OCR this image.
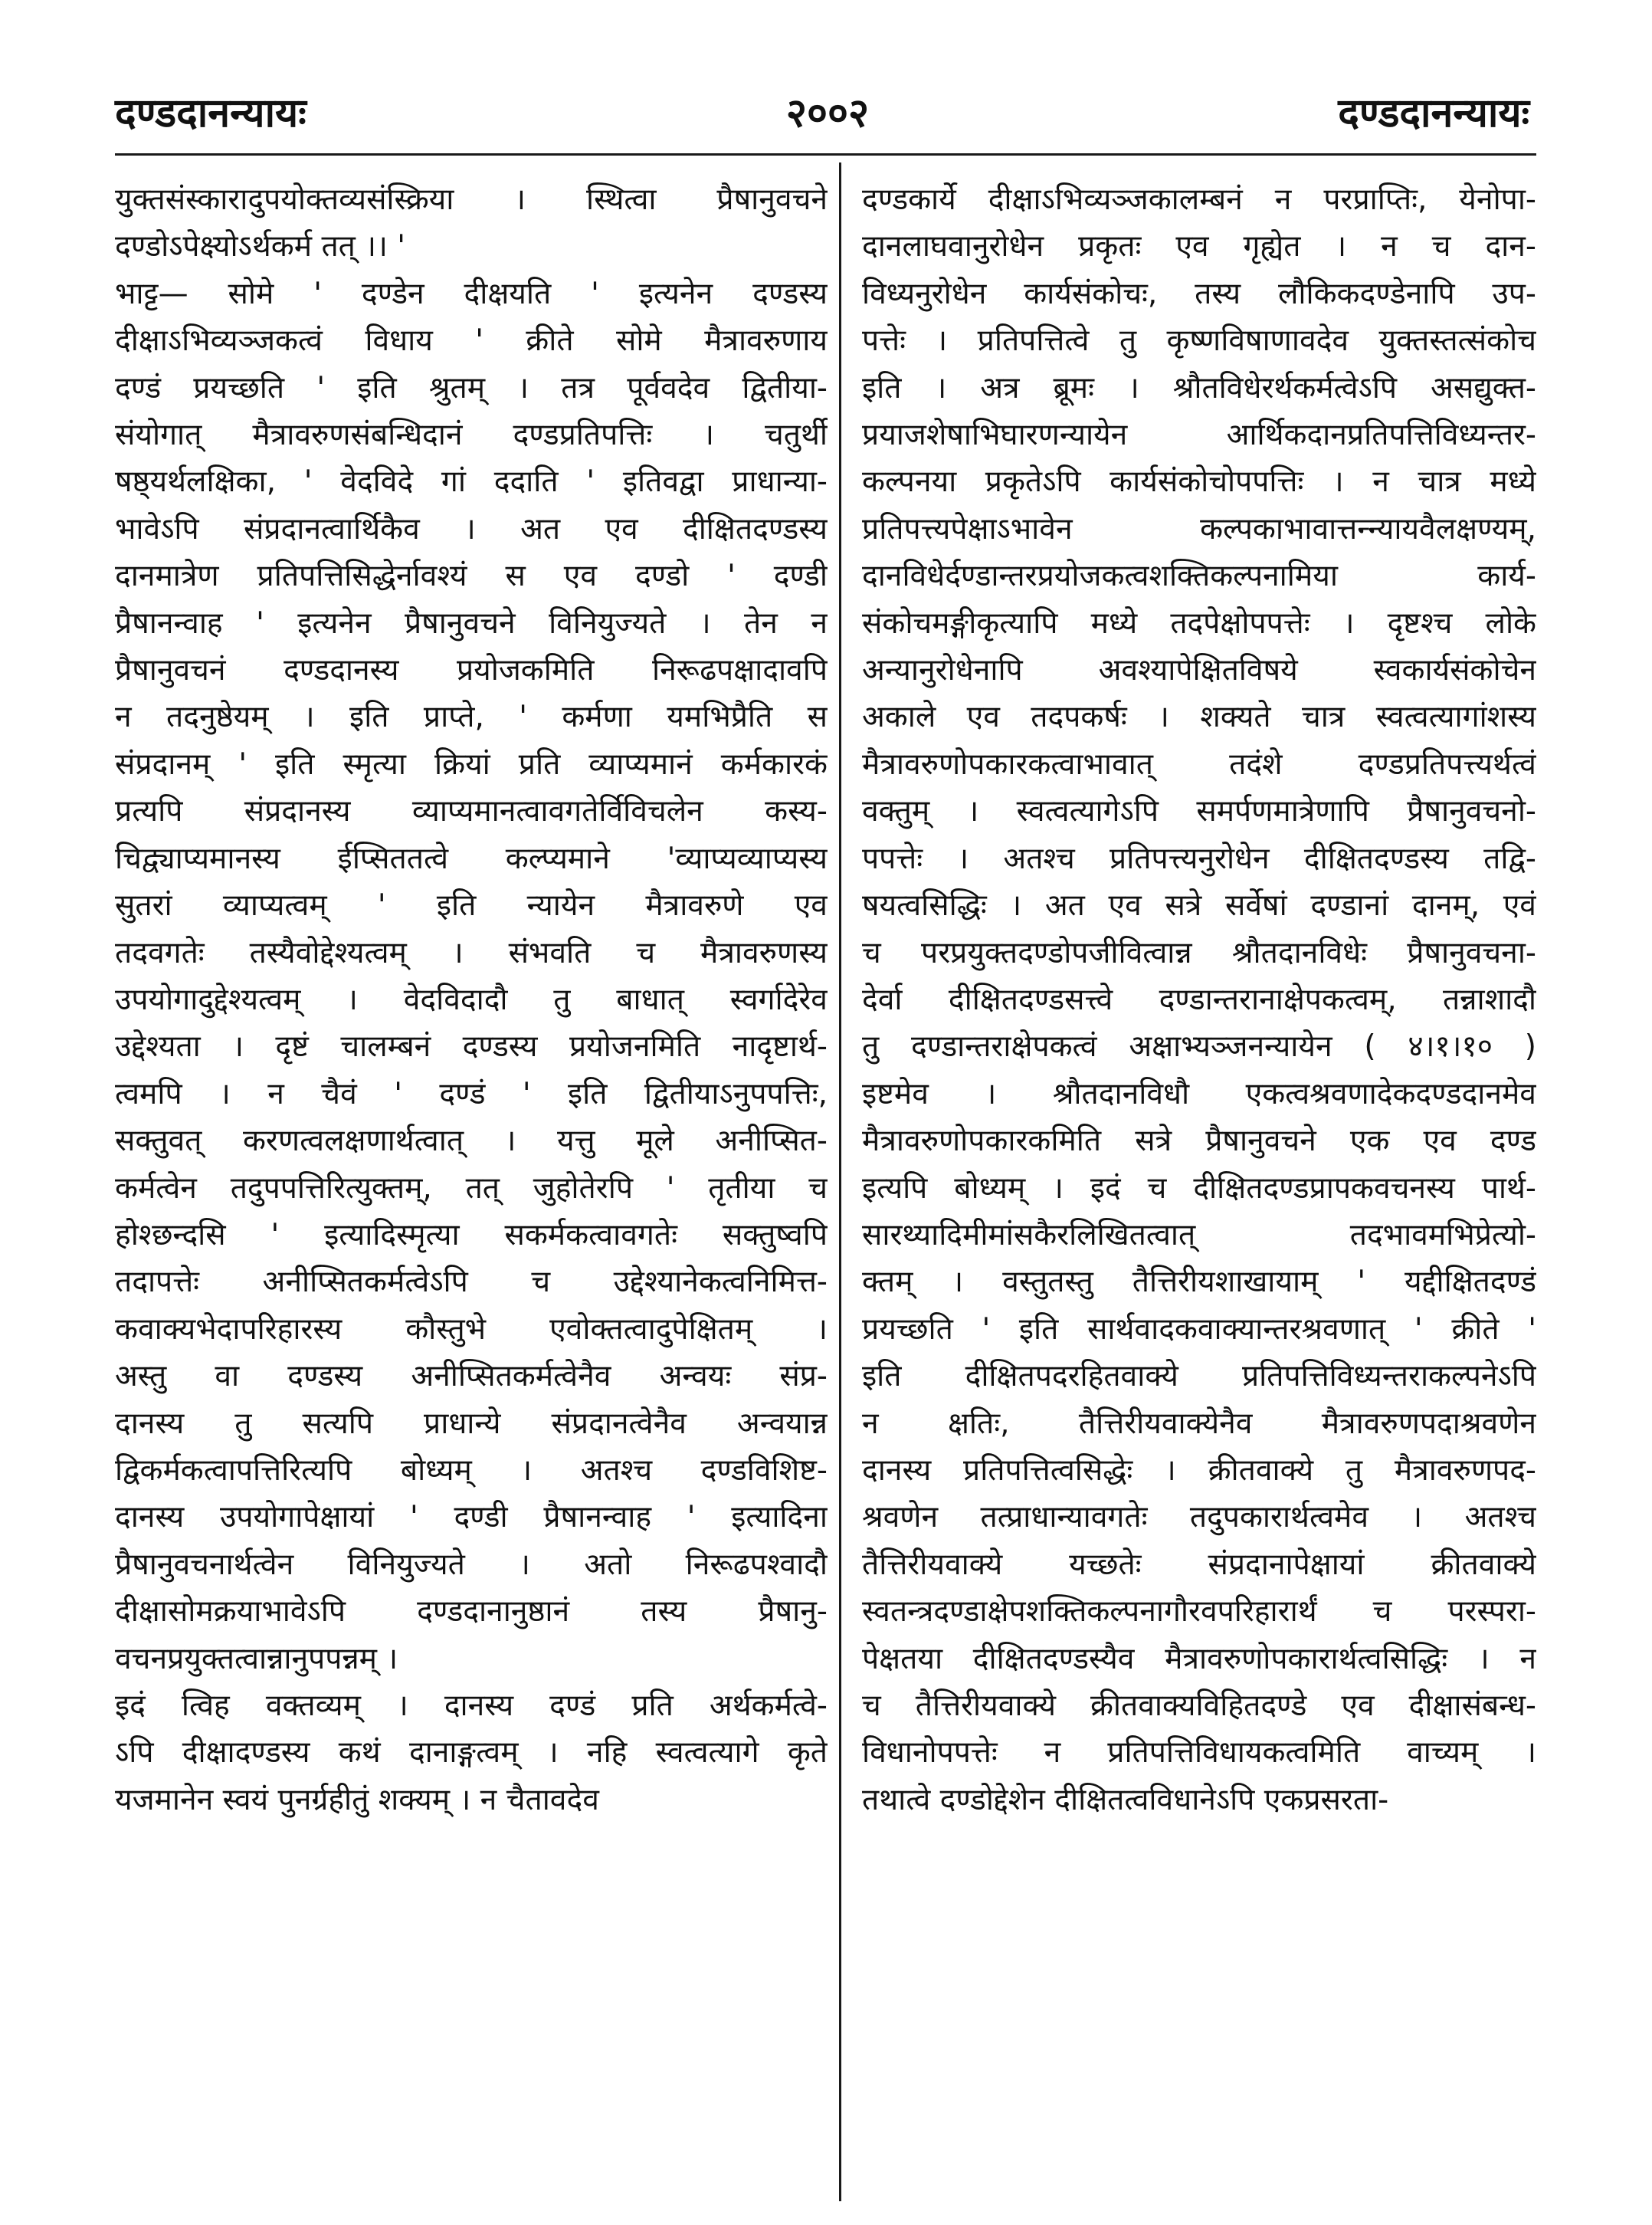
दण्डदानन्यायः	२००२	दण्डदानन्यायः
युक्तसंस्कारादुपयोक्तव्यसंस्क्रिया । स्थित्वा प्रैषानुवचने
दण्डोऽपेक्ष्योऽर्थकर्म तत् ।। '
भाट्ट— सोमे ' दण्डेन दीक्षयति ' इत्यनेन दण्डस्य
दीक्षाऽभिव्यञ्जकत्वं विधाय ' क्रीते सोमे मैत्रावरुणाय
दण्डं प्रयच्छति ' इति श्रुतम् । तत्र पूर्ववदेव द्वितीया-
संयोगात् मैत्रावरुणसंबन्धिदानं दण्डप्रतिपत्तिः । चतुर्थी
षष्ठ्यर्थलक्षिका, ' वेदविदे गां ददाति ' इतिवद्वा प्राधान्या-
भावेऽपि संप्रदानत्वार्थिकैव । अत एव दीक्षितदण्डस्य
दानमात्रेण प्रतिपत्तिसिद्धेर्नावश्यं स एव दण्डो ' दण्डी
प्रैषानन्वाह ' इत्यनेन प्रैषानुवचने विनियुज्यते । तेन न
प्रैषानुवचनं दण्डदानस्य प्रयोजकमिति निरूढपक्षादावपि
न तदनुष्ठेयम् । इति प्राप्ते, ' कर्मणा यमभिप्रैति स
संप्रदानम् ' इति स्मृत्या क्रियां प्रति व्याप्यमानं कर्मकारकं
प्रत्यपि संप्रदानस्य व्याप्यमानत्वावगतेर्विविचलेन कस्य-
चिद्व्याप्यमानस्य ईप्सिततत्वे कल्प्यमाने 'व्याप्यव्याप्यस्य
सुतरां व्याप्यत्वम् ' इति न्यायेन मैत्रावरुणे एव
तदवगतेः तस्यैवोद्देश्यत्वम् । संभवति च मैत्रावरुणस्य
उपयोगादुद्देश्यत्वम् । वेदविदादौ तु बाधात् स्वर्गादेरेव
उद्देश्यता । दृष्टं चालम्बनं दण्डस्य प्रयोजनमिति नादृष्टार्थ-
त्वमपि । न चैवं ' दण्डं ' इति द्वितीयाऽनुपपत्तिः,
सक्तुवत् करणत्वलक्षणार्थत्वात् । यत्तु मूले अनीप्सित-
कर्मत्वेन तदुपपत्तिरित्युक्तम्, तत् जुहोतेरपि ' तृतीया च
होश्छन्दसि ' इत्यादिस्मृत्या सकर्मकत्वावगतेः सक्तुष्वपि
तदापत्तेः अनीप्सितकर्मत्वेऽपि च उद्देश्यानेकत्वनिमित्त-
कवाक्यभेदापरिहारस्य कौस्तुभे एवोक्तत्वादुपेक्षितम् ।
अस्तु वा दण्डस्य अनीप्सितकर्मत्वेनैव अन्वयः संप्र-
दानस्य तु सत्यपि प्राधान्ये संप्रदानत्वेनैव अन्वयान्न
द्विकर्मकत्वापत्तिरित्यपि बोध्यम् । अतश्च दण्डविशिष्ट-
दानस्य उपयोगापेक्षायां ' दण्डी प्रैषानन्वाह ' इत्यादिना
प्रैषानुवचनार्थत्वेन विनियुज्यते । अतो निरूढपश्वादौ
दीक्षासोमक्रयाभावेऽपि दण्डदानानुष्ठानं तस्य प्रैषानु-
वचनप्रयुक्तत्वान्नानुपपन्नम् ।
इदं त्विह वक्तव्यम् । दानस्य दण्डं प्रति अर्थकर्मत्वे-
ऽपि दीक्षादण्डस्य कथं दानाङ्गत्वम् । नहि स्वत्वत्यागे कृते
यजमानेन स्वयं पुनर्ग्रहीतुं शक्यम् । न चैतावदेव
दण्डकार्ये दीक्षाऽभिव्यञ्जकालम्बनं न परप्राप्तिः, येनोपा-
दानलाघवानुरोधेन प्रकृतः एव गृह्येत । न च दान-
विध्यनुरोधेन कार्यसंकोचः, तस्य लौकिकदण्डेनापि उप-
पत्तेः । प्रतिपत्तित्वे तु कृष्णविषाणावदेव युक्तस्तत्संकोच
इति । अत्र ब्रूमः । श्रौतविधेरर्थकर्मत्वेऽपि असद्युक्त-
प्रयाजशेषाभिघारणन्यायेन आर्थिकदानप्रतिपत्तिविध्यन्तर-
कल्पनया प्रकृतेऽपि कार्यसंकोचोपपत्तिः । न चात्र मध्ये
प्रतिपत्त्यपेक्षाऽभावेन कल्पकाभावात्तन्न्यायवैलक्षण्यम्,
दानविधेर्दण्डान्तरप्रयोजकत्वशक्तिकल्पनामिया कार्य-
संकोचमङ्गीकृत्यापि मध्ये तदपेक्षोपपत्तेः । दृष्टश्च लोके
अन्यानुरोधेनापि अवश्यापेक्षितविषये स्वकार्यसंकोचेन
अकाले एव तदपकर्षः । शक्यते चात्र स्वत्वत्यागांशस्य
मैत्रावरुणोपकारकत्वाभावात् तदंशे दण्डप्रतिपत्त्यर्थत्वं
वक्तुम् । स्वत्वत्यागेऽपि समर्पणमात्रेणापि प्रैषानुवचनो-
पपत्तेः । अतश्च प्रतिपत्त्यनुरोधेन दीक्षितदण्डस्य तद्वि-
षयत्वसिद्धिः । अत एव सत्रे सर्वेषां दण्डानां दानम्, एवं
च परप्रयुक्तदण्डोपजीवित्वान्न श्रौतदानविधेः प्रैषानुवचना-
देर्वा दीक्षितदण्डसत्त्वे दण्डान्तरानाक्षेपकत्वम्, तन्नाशादौ
तु दण्डान्तराक्षेपकत्वं अक्षाभ्यञ्जनन्यायेन ( ४।१।१० )
इष्टमेव । श्रौतदानविधौ एकत्वश्रवणादेकदण्डदानमेव
मैत्रावरुणोपकारकमिति सत्रे प्रैषानुवचने एक एव दण्ड
इत्यपि बोध्यम् । इदं च दीक्षितदण्डप्रापकवचनस्य पार्थ-
सारथ्यादिमीमांसकैरलिखितत्वात् तदभावमभिप्रेत्यो-
क्तम् । वस्तुतस्तु तैत्तिरीयशाखायाम् ' यद्दीक्षितदण्डं
प्रयच्छति ' इति सार्थवादकवाक्यान्तरश्रवणात् ' क्रीते '
इति दीक्षितपदरहितवाक्ये प्रतिपत्तिविध्यन्तराकल्पनेऽपि
न क्षतिः, तैत्तिरीयवाक्येनैव मैत्रावरुणपदाश्रवणेन
दानस्य प्रतिपत्तित्वसिद्धेः । क्रीतवाक्ये तु मैत्रावरुणपद-
श्रवणेन तत्प्राधान्यावगतेः तदुपकारार्थत्वमेव । अतश्च
तैत्तिरीयवाक्ये यच्छतेः संप्रदानापेक्षायां क्रीतवाक्ये
स्वतन्त्रदण्डाक्षेपशक्तिकल्पनागौरवपरिहारार्थं च परस्परा-
पेक्षतया दीक्षितदण्डस्यैव मैत्रावरुणोपकारार्थत्वसिद्धिः । न
च तैत्तिरीयवाक्ये क्रीतवाक्यविहितदण्डे एव दीक्षासंबन्ध-
विधानोपपत्तेः न प्रतिपत्तिविधायकत्वमिति वाच्यम् ।
तथात्वे दण्डोद्देशेन दीक्षितत्वविधानेऽपि एकप्रसरता-
